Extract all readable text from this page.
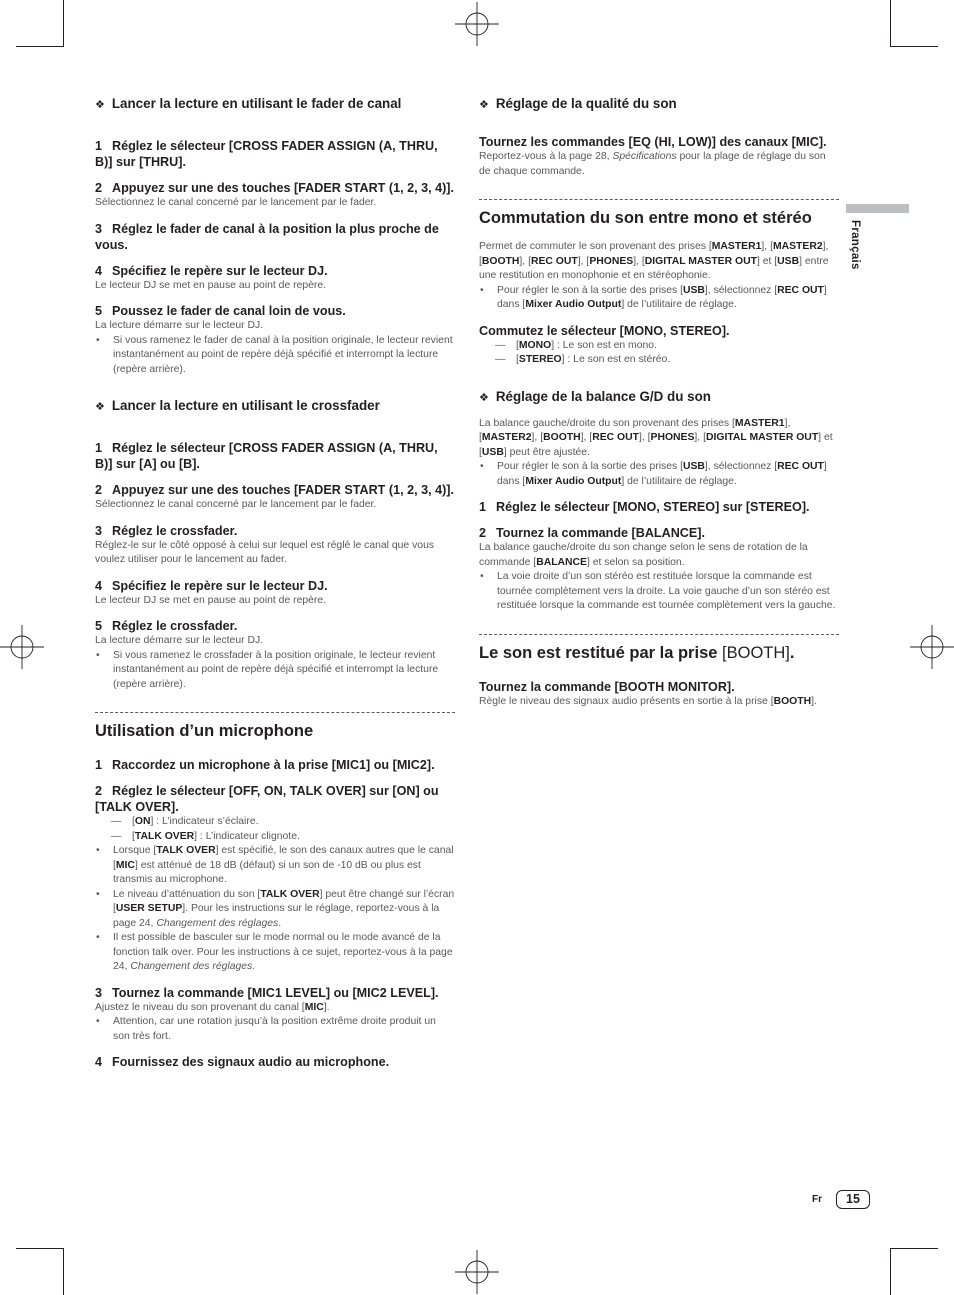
Français

❖ Lancer la lecture en utilisant le fader de canal

1 Réglez le sélecteur [CROSS FADER ASSIGN (A, THRU, B)] sur [THRU].

2 Appuyez sur une des touches [FADER START (1, 2, 3, 4)].

Sélectionnez le canal concerné par le lancement par le fader.

3 Réglez le fader de canal à la position la plus proche de vous.

4 Spécifiez le repère sur le lecteur DJ.

Le lecteur DJ se met en pause au point de repère.

5 Poussez le fader de canal loin de vous.

La lecture démarre sur le lecteur DJ.

• Si vous ramenez le fader de canal à la position originale, le lecteur revient instantanément au point de repère déjà spécifié et interrompt la lecture (repère arrière).

❖ Lancer la lecture en utilisant le crossfader

1 Réglez le sélecteur [CROSS FADER ASSIGN (A, THRU, B)] sur [A] ou [B].

2 Appuyez sur une des touches [FADER START (1, 2, 3, 4)].

Sélectionnez le canal concerné par le lancement par le fader.

3 Réglez le crossfader.

Réglez-le sur le côté opposé à celui sur lequel est réglé le canal que vous voulez utiliser pour le lancement au fader.

4 Spécifiez le repère sur le lecteur DJ.

Le lecteur DJ se met en pause au point de repère.

5 Réglez le crossfader.

La lecture démarre sur le lecteur DJ.

• Si vous ramenez le crossfader à la position originale, le lecteur revient instantanément au point de repère déjà spécifié et interrompt la lecture (repère arrière).

Utilisation d’un microphone

1 Raccordez un microphone à la prise [MIC1] ou [MIC2].

2 Réglez le sélecteur [OFF, ON, TALK OVER] sur [ON] ou [TALK OVER].

— [ON] : L’indicateur s’éclaire.

— [TALK OVER] : L’indicateur clignote.

• Lorsque [TALK OVER] est spécifié, le son des canaux autres que le canal [MIC] est atténué de 18 dB (défaut) si un son de -10 dB ou plus est transmis au microphone.

• Le niveau d’atténuation du son [TALK OVER] peut être changé sur l’écran [USER SETUP]. Pour les instructions sur le réglage, reportez-vous à la page 24, Changement des réglages.

• Il est possible de basculer sur le mode normal ou le mode avancé de la fonction talk over. Pour les instructions à ce sujet, reportez-vous à la page 24, Changement des réglages.

3 Tournez la commande [MIC1 LEVEL] ou [MIC2 LEVEL].

Ajustez le niveau du son provenant du canal [MIC].

• Attention, car une rotation jusqu’à la position extrême droite produit un son très fort.

4 Fournissez des signaux audio au microphone.

❖ Réglage de la qualité du son

Tournez les commandes [EQ (HI, LOW)] des canaux [MIC].

Reportez-vous à la page 28, Spécifications pour la plage de réglage du son de chaque commande.

Commutation du son entre mono et stéréo

Permet de commuter le son provenant des prises [MASTER1], [MASTER2], [BOOTH], [REC OUT], [PHONES], [DIGITAL MASTER OUT] et [USB] entre une restitution en monophonie et en stéréophonie.

• Pour régler le son à la sortie des prises [USB], sélectionnez [REC OUT] dans [Mixer Audio Output] de l’utilitaire de réglage.

Commutez le sélecteur [MONO, STEREO].

— [MONO] : Le son est en mono.

— [STEREO] : Le son est en stéréo.

❖ Réglage de la balance G/D du son

La balance gauche/droite du son provenant des prises [MASTER1], [MASTER2], [BOOTH], [REC OUT], [PHONES], [DIGITAL MASTER OUT] et [USB] peut être ajustée.

• Pour régler le son à la sortie des prises [USB], sélectionnez [REC OUT] dans [Mixer Audio Output] de l’utilitaire de réglage.

1 Réglez le sélecteur [MONO, STEREO] sur [STEREO].

2 Tournez la commande [BALANCE].

La balance gauche/droite du son change selon le sens de rotation de la commande [BALANCE] et selon sa position.

• La voie droite d’un son stéréo est restituée lorsque la commande est tournée complètement vers la droite. La voie gauche d’un son stéréo est restituée lorsque la commande est tournée complètement vers la gauche.

Le son est restitué par la prise [BOOTH].

Tournez la commande [BOOTH MONITOR].

Règle le niveau des signaux audio présents en sortie à la prise [BOOTH].

Fr	15
